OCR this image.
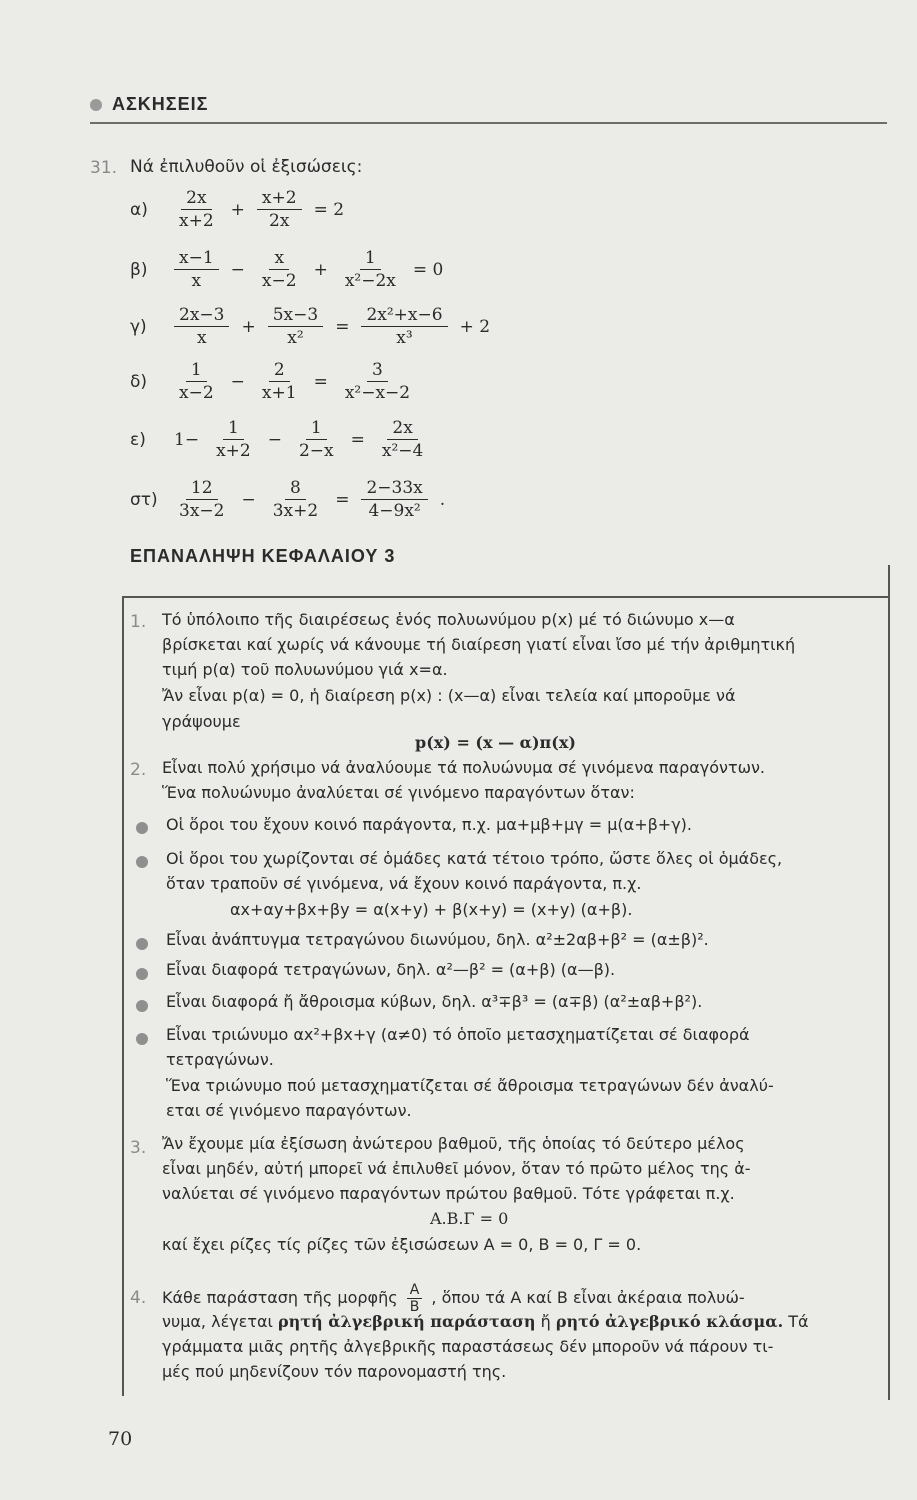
ΑΣΚΗΣΕΙΣ
31. Νά ἐπιλυθοῦν οἱ ἐξισώσεις:
α)	$\frac{2x}{x+2} + \frac{x+2}{2x} = 2$
β)	$\frac{x-1}{x} - \frac{x}{x-2} + \frac{1}{\text{x²−2x}} = 0$
γ)	$\frac{2x-3}{x} + \frac{5x-3}{\text{x²}} = \frac{\text{2x²+x−6}}{\text{x³}} + 2$
δ)	$\frac{1}{x-2} - \frac{2}{x+1} = \frac{3}{\text{x²−x−2}}$
ε)	$1- \frac{1}{x+2} - \frac{1}{2-x} = \frac{2x}{\text{x²−4}}$
$\sigma\tau) \frac{12}{3x-2} - \frac{8}{3x+2} = \frac{2-33x}{\text{4−9x²}}$ .
ΕΠΑΝΑΛΗΨΗ ΚΕΦΑΛΑΙΟΥ 3
1. Τό ὑπόλοιπο τῆς διαιρέσεως ἑνός πολυωνύμου p(x) μέ τό διώνυμο x—α
βρίσκεται καί χωρίς νά κάνουμε τή διαίρεση γιατί εἶναι ἴσο μέ τήν ἀριθμητική
τιμή p(α) τοῦ πολυωνύμου γιά x=α.
Ἄν εἶναι p(α) = 0, ἡ διαίρεση p(x) : (x—α) εἶναι τελεία καί μποροῦμε νά
γράψουμε
p(x) = (x — α)π(x)
2. Εἶναι πολύ χρήσιμο νά ἀναλύουμε τά πολυώνυμα σέ γινόμενα παραγόντων.
Ἕνα πολυώνυμο ἀναλύεται σέ γινόμενο παραγόντων ὅταν:
Οἱ ὅροι του ἔχουν κοινό παράγοντα, π.χ. μα+μβ+μγ = μ(α+β+γ).
Οἱ ὅροι του χωρίζονται σέ ὁμάδες κατά τέτοιο τρόπο, ὥστε ὅλες οἱ ὁμάδες,
ὅταν τραποῦν σέ γινόμενα, νά ἔχουν κοινό παράγοντα, π.χ.
αx+αy+βx+βy = α(x+y) + β(x+y) = (x+y) (α+β).
Εἶναι ἀνάπτυγμα τετραγώνου διωνύμου, δηλ. α²±2αβ+β² = (α±β)².
Εἶναι διαφορά τετραγώνων, δηλ. α²—β² = (α+β) (α—β).
Εἶναι διαφορά ἤ ἄθροισμα κύβων, δηλ. α³∓β³ = (α∓β) (α²±αβ+β²).
Εἶναι τριώνυμο αx²+βx+γ (α≠0) τό ὁποῖο μετασχηματίζεται σέ διαφορά
τετραγώνων.
Ἕνα τριώνυμο πού μετασχηματίζεται σέ ἄθροισμα τετραγώνων δέν ἀναλύ-
εται σέ γινόμενο παραγόντων.
3. Ἄν ἔχουμε μία ἐξίσωση ἀνώτερου βαθμοῦ, τῆς ὁποίας τό δεύτερο μέλος
εἶναι μηδέν, αὐτή μπορεῖ νά ἐπιλυθεῖ μόνον, ὅταν τό πρῶτο μέλος της ἀ-
ναλύεται σέ γινόμενο παραγόντων πρώτου βαθμοῦ. Τότε γράφεται π.χ.
Α.Β.Γ = 0
καί ἔχει ρίζες τίς ρίζες τῶν ἐξισώσεων Α = 0, Β = 0, Γ = 0.
4. Κάθε παράσταση τῆς μορφῆς $\frac{A}{B}$ , ὅπου τά Α καί Β εἶναι ἀκέραια πολυώ-
νυμα, λέγεται ρητή ἀλγεβρική παράσταση ἤ ρητό ἀλγεβρικό κλάσμα. Τά
γράμματα μιᾶς ρητῆς ἀλγεβρικῆς παραστάσεως δέν μποροῦν νά πάρουν τι-
μές πού μηδενίζουν τόν παρονομαστή της.
70
